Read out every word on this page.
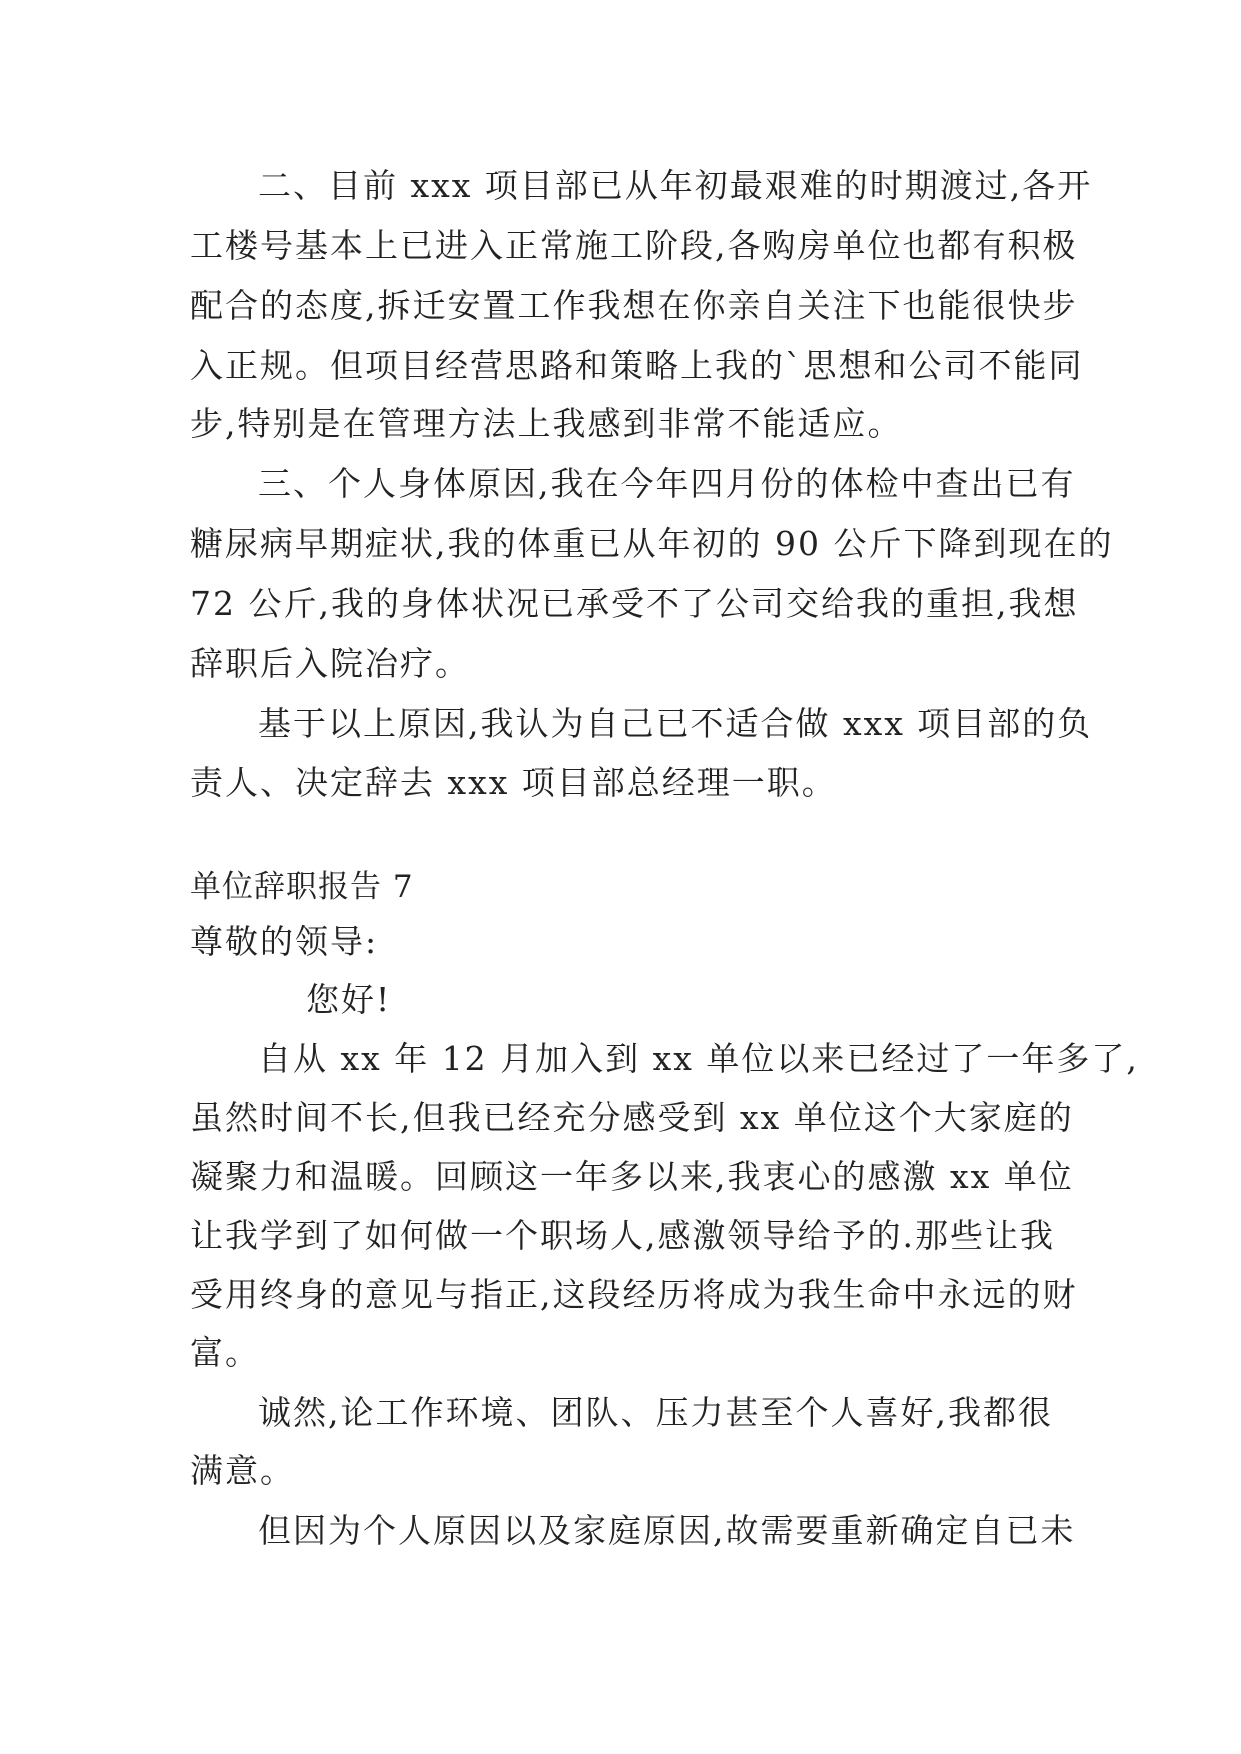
二、目前 xxx 项目部已从年初最艰难的时期渡过,各开
工楼号基本上已进入正常施工阶段,各购房单位也都有积极
配合的态度,拆迁安置工作我想在你亲自关注下也能很快步
入正规。但项目经营思路和策略上我的`思想和公司不能同
步,特别是在管理方法上我感到非常不能适应。
三、个人身体原因,我在今年四月份的体检中查出已有
糖尿病早期症状,我的体重已从年初的 90 公斤下降到现在的
72 公斤,我的身体状况已承受不了公司交给我的重担,我想
辞职后入院冶疗。
基于以上原因,我认为自己已不适合做 xxx 项目部的负
责人、决定辞去 xxx 项目部总经理一职。
单位辞职报告 7
尊敬的领导:
您好!
自从 xx 年 12 月加入到 xx 单位以来已经过了一年多了,
虽然时间不长,但我已经充分感受到 xx 单位这个大家庭的
凝聚力和温暖。回顾这一年多以来,我衷心的感激 xx 单位
让我学到了如何做一个职场人,感激领导给予的.那些让我
受用终身的意见与指正,这段经历将成为我生命中永远的财
富。
诚然,论工作环境、团队、压力甚至个人喜好,我都很
满意。
但因为个人原因以及家庭原因,故需要重新确定自已未
